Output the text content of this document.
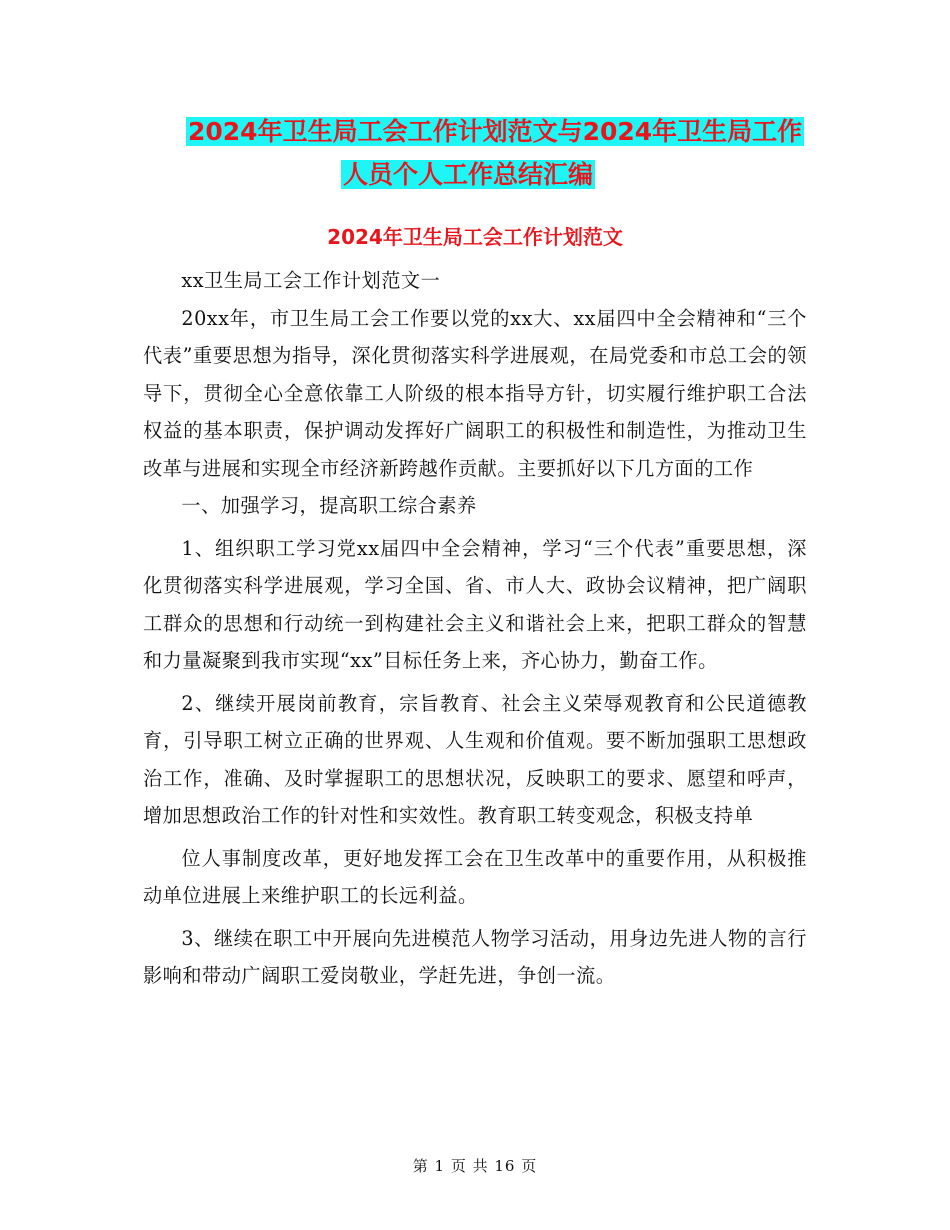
2024年卫生局工会工作计划范文与2024年卫生局工作
人员个人工作总结汇编
2024年卫生局工会工作计划范文

xx卫生局工会工作计划范文一

20xx年，市卫生局工会工作要以党的xx大、xx届四中全会精神和“三个代表”重要思想为指导，深化贯彻落实科学进展观，在局党委和市总工会的领导下，贯彻全心全意依靠工人阶级的根本指导方针，切实履行维护职工合法权益的基本职责，保护调动发挥好广阔职工的积极性和制造性，为推动卫生改革与进展和实现全市经济新跨越作贡献。主要抓好以下几方面的工作

一、加强学习，提高职工综合素养

1、组织职工学习党xx届四中全会精神，学习“三个代表”重要思想，深化贯彻落实科学进展观，学习全国、省、市人大、政协会议精神，把广阔职工群众的思想和行动统一到构建社会主义和谐社会上来，把职工群众的智慧和力量凝聚到我市实现“xx”目标任务上来，齐心协力，勤奋工作。

2、继续开展岗前教育，宗旨教育、社会主义荣辱观教育和公民道德教育，引导职工树立正确的世界观、人生观和价值观。要不断加强职工思想政治工作，准确、及时掌握职工的思想状况，反映职工的要求、愿望和呼声，增加思想政治工作的针对性和实效性。教育职工转变观念，积极支持单

位人事制度改革，更好地发挥工会在卫生改革中的重要作用，从积极推动单位进展上来维护职工的长远利益。

3、继续在职工中开展向先进模范人物学习活动，用身边先进人物的言行影响和带动广阔职工爱岗敬业，学赶先进，争创一流。

第 1 页 共 16 页
